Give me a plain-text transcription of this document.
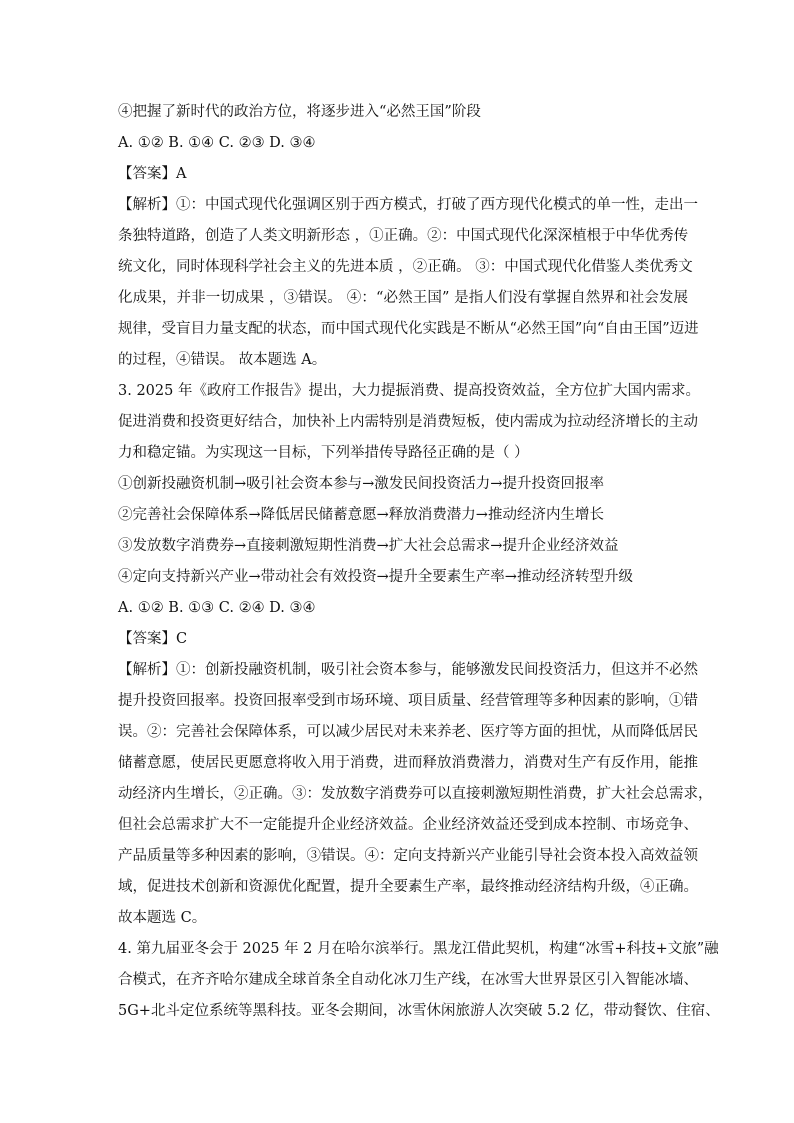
④把握了新时代的政治方位，将逐步进入“必然王国”阶段
A. ①② B. ①④ C. ②③ D. ③④
【答案】A
【解析】①：中国式现代化强调区别于西方模式，打破了西方现代化模式的单一性，走出一
条独特道路，创造了人类文明新形态 ，①正确。②：中国式现代化深深植根于中华优秀传
统文化，同时体现科学社会主义的先进本质 ，②正确。 ③：中国式现代化借鉴人类优秀文
化成果，并非一切成果 ，③错误。 ④：“必然王国” 是指人们没有掌握自然界和社会发展
规律，受盲目力量支配的状态，而中国式现代化实践是不断从“必然王国”向“自由王国”迈进
的过程，④错误。 故本题选 A。
3. 2025 年《政府工作报告》提出，大力提振消费、提高投资效益，全方位扩大国内需求。
促进消费和投资更好结合，加快补上内需特别是消费短板，使内需成为拉动经济增长的主动
力和稳定锚。为实现这一目标，下列举措传导路径正确的是（ ）
①创新投融资机制→吸引社会资本参与→激发民间投资活力→提升投资回报率
②完善社会保障体系→降低居民储蓄意愿→释放消费潜力→推动经济内生增长
③发放数字消费券→直接刺激短期性消费→扩大社会总需求→提升企业经济效益
④定向支持新兴产业→带动社会有效投资→提升全要素生产率→推动经济转型升级
A. ①② B. ①③ C. ②④ D. ③④
【答案】C
【解析】①：创新投融资机制，吸引社会资本参与，能够激发民间投资活力，但这并不必然
提升投资回报率。投资回报率受到市场环境、项目质量、经营管理等多种因素的影响，①错
误。②：完善社会保障体系，可以减少居民对未来养老、医疗等方面的担忧，从而降低居民
储蓄意愿，使居民更愿意将收入用于消费，进而释放消费潜力，消费对生产有反作用，能推
动经济内生增长，②正确。③：发放数字消费券可以直接刺激短期性消费，扩大社会总需求，
但社会总需求扩大不一定能提升企业经济效益。企业经济效益还受到成本控制、市场竞争、
产品质量等多种因素的影响，③错误。④：定向支持新兴产业能引导社会资本投入高效益领
域，促进技术创新和资源优化配置，提升全要素生产率，最终推动经济结构升级，④正确。
故本题选 C。
4. 第九届亚冬会于 2025 年 2 月在哈尔滨举行。黑龙江借此契机，构建“冰雪+科技+文旅”融
合模式，在齐齐哈尔建成全球首条全自动化冰刀生产线，在冰雪大世界景区引入智能冰墙、
5G+北斗定位系统等黑科技。亚冬会期间，冰雪休闲旅游人次突破 5.2 亿，带动餐饮、住宿、
